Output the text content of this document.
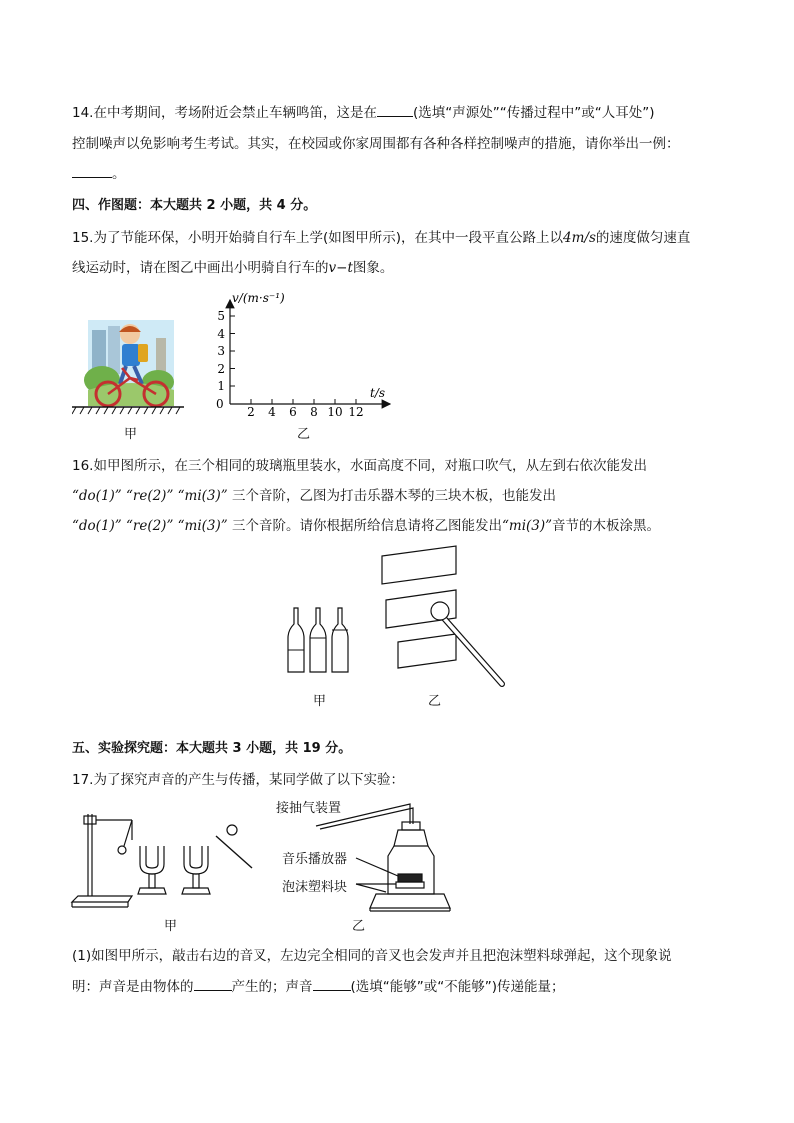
14.在中考期间，考场附近会禁止车辆鸣笛，这是在	(选填“声源处”“传播过程中”或“人耳处”)
控制噪声以免影响考生考试。其实，在校园或你家周围都有各种各样控制噪声的措施，请你举出一例：
。
四、作图题：本大题共 2 小题，共 4 分。
15.为了节能环保，小明开始骑自行车上学(如图甲所示)，在其中一段平直公路上以4m/s的速度做匀速直
线运动时，请在图乙中画出小明骑自行车的v−t图象。
甲
v/(m·s⁻¹)
t/s
0
1
2
3
4
5
2 4 6 8 10 12
乙
16.如甲图所示，在三个相同的玻璃瓶里装水，水面高度不同，对瓶口吹气，从左到右依次能发出
“do(1)” “re(2)” “mi(3)” 三个音阶，乙图为打击乐器木琴的三块木板，也能发出
“do(1)” “re(2)” “mi(3)” 三个音阶。请你根据所给信息请将乙图能发出“mi(3)”音节的木板涂黑。
甲	乙
五、实验探究题：本大题共 3 小题，共 19 分。
17.为了探究声音的产生与传播，某同学做了以下实验：
甲
接抽气装置
音乐播放器
泡沫塑料块
乙
(1)如图甲所示，敲击右边的音叉，左边完全相同的音叉也会发声并且把泡沫塑料球弹起，这个现象说
明：声音是由物体的	产生的；声音	(选填“能够”或“不能够”)传递能量；
